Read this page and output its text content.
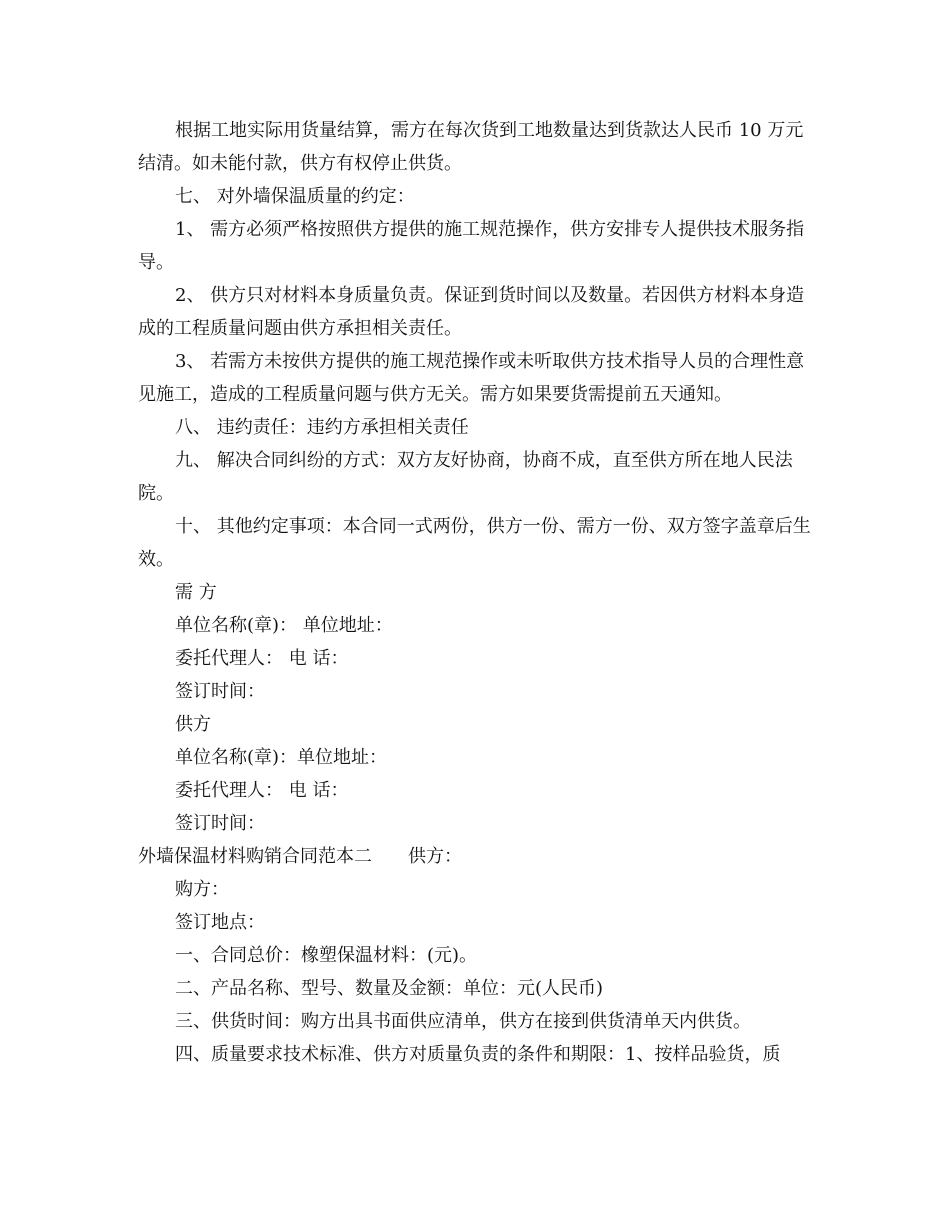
根据工地实际用货量结算，需方在每次货到工地数量达到货款达人民币 10 万元结清。如未能付款，供方有权停止供货。

七、 对外墙保温质量的约定：

1、 需方必须严格按照供方提供的施工规范操作，供方安排专人提供技术服务指导。

2、 供方只对材料本身质量负责。保证到货时间以及数量。若因供方材料本身造成的工程质量问题由供方承担相关责任。

3、 若需方未按供方提供的施工规范操作或未听取供方技术指导人员的合理性意见施工，造成的工程质量问题与供方无关。需方如果要货需提前五天通知。

八、 违约责任：违约方承担相关责任

九、 解决合同纠纷的方式：双方友好协商，协商不成，直至供方所在地人民法院。

十、 其他约定事项：本合同一式两份，供方一份、需方一份、双方签字盖章后生效。

需 方

单位名称(章)： 单位地址：

委托代理人： 电 话：

签订时间：

供方

单位名称(章)：单位地址：

委托代理人： 电 话：

签订时间：

外墙保温材料购销合同范本二　　供方：

购方：

签订地点：

一、合同总价：橡塑保温材料：(元)。

二、产品名称、型号、数量及金额：单位：元(人民币)

三、供货时间：购方出具书面供应清单，供方在接到供货清单天内供货。

四、质量要求技术标准、供方对质量负责的条件和期限：1、按样品验货，质
